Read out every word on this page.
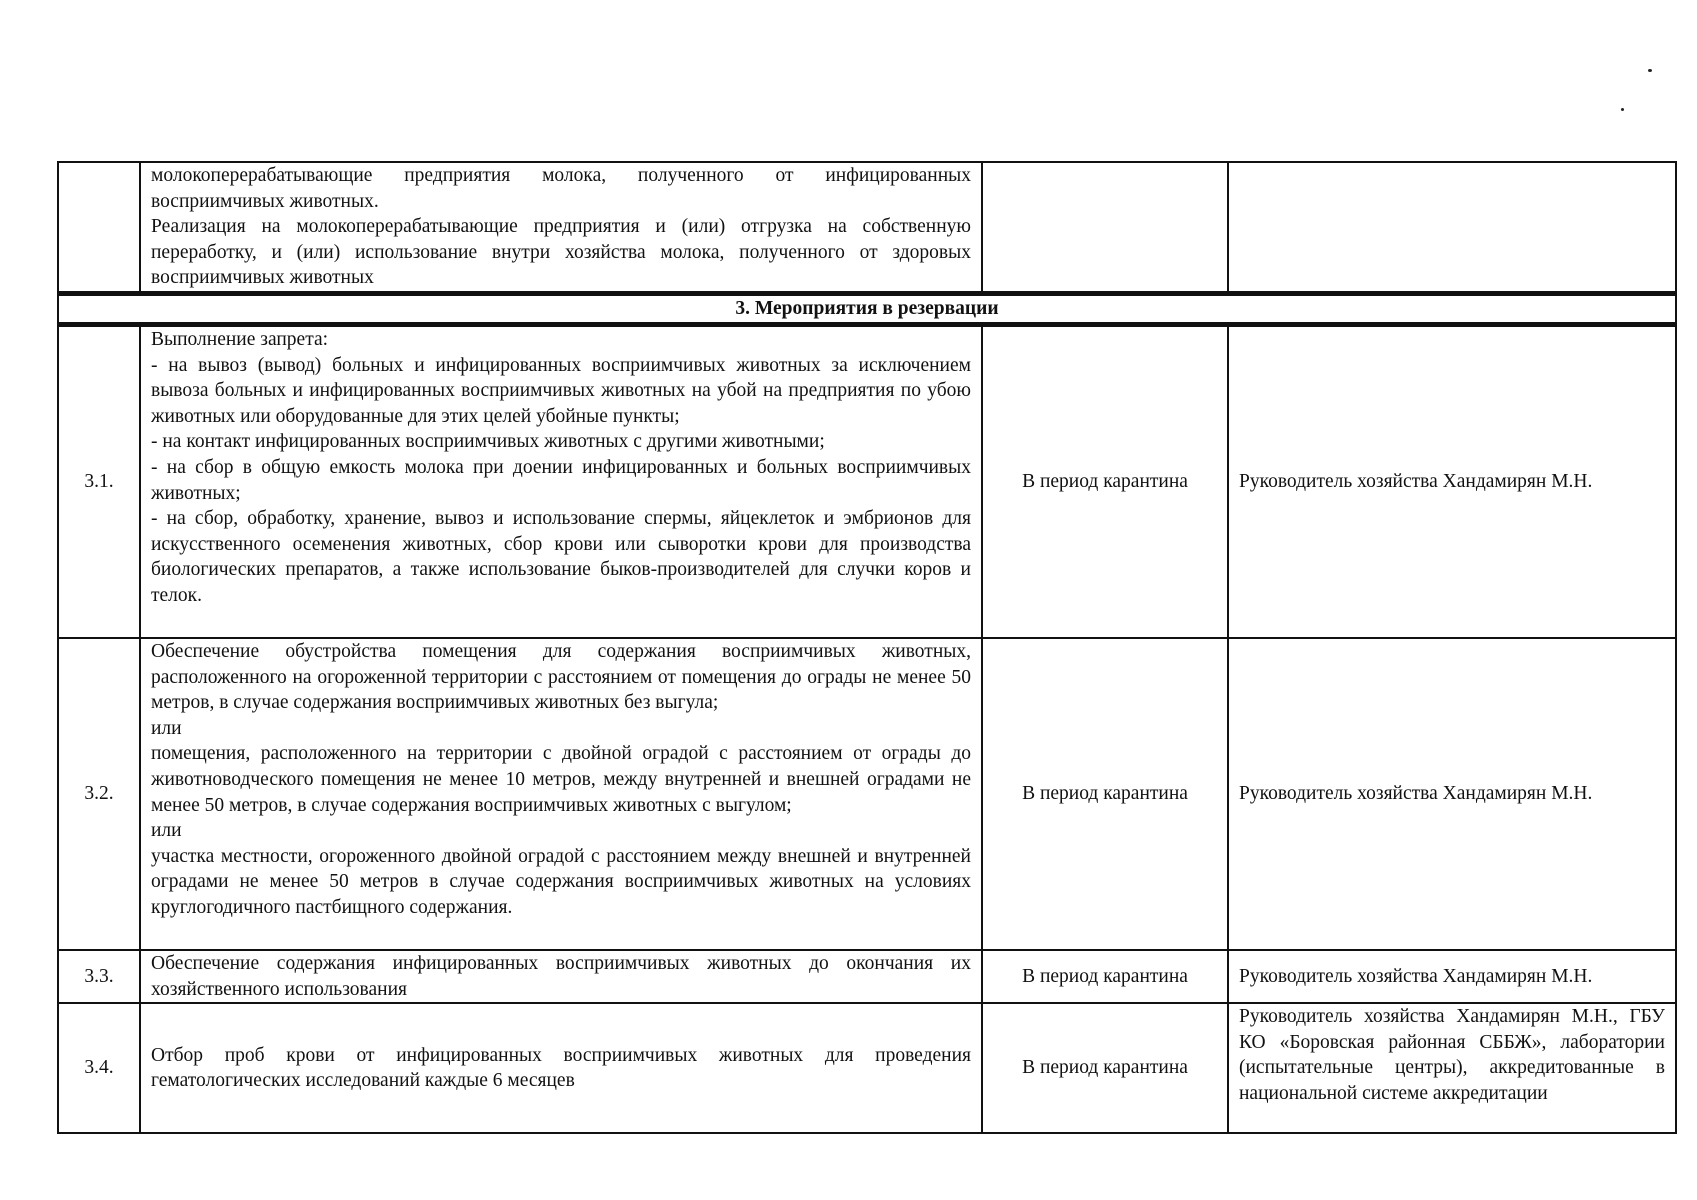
	молокоперерабатывающие предприятия молока, полученного от инфицированных восприимчивых животных.

Реализация на молокоперерабатывающие предприятия и (или) отгрузка на собственную переработку, и (или) использование внутри хозяйства молока, полученного от здоровых восприимчивых животных		

3. Мероприятия в резервации			
3.1.	Выполнение запрета:

- на вывоз (вывод) больных и инфицированных восприимчивых животных за исключением вывоза больных и инфицированных восприимчивых животных на убой на предприятия по убою животных или оборудованные для этих целей убойные пункты;

- на контакт инфицированных восприимчивых животных с другими животными;

- на сбор в общую емкость молока при доении инфицированных и больных восприимчивых животных;

- на сбор, обработку, хранение, вывоз и использование спермы, яйцеклеток и эмбрионов для искусственного осеменения животных, сбор крови или сыворотки крови для производства биологических препаратов, а также использование быков-производителей для случки коров и телок.	В период карантина	Руководитель хозяйства Хандамирян М.Н.
3.2.	Обеспечение обустройства помещения для содержания восприимчивых животных, расположенного на огороженной территории с расстоянием от помещения до ограды не менее 50 метров, в случае содержания восприимчивых животных без выгула;

или

помещения, расположенного на территории с двойной оградой с расстоянием от ограды до животноводческого помещения не менее 10 метров, между внутренней и внешней оградами не менее 50 метров, в случае содержания восприимчивых животных с выгулом;

или

участка местности, огороженного двойной оградой с расстоянием между внешней и внутренней оградами не менее 50 метров в случае содержания восприимчивых животных на условиях круглогодичного пастбищного содержания.	В период карантина	Руководитель хозяйства Хандамирян М.Н.
3.3.	Обеспечение содержания инфицированных восприимчивых животных до окончания их хозяйственного использования	В период карантина	Руководитель хозяйства Хандамирян М.Н.
3.4.	Отбор проб крови от инфицированных восприимчивых животных для проведения гематологических исследований каждые 6 месяцев	В период карантина	Руководитель хозяйства Хандамирян М.Н., ГБУ КО «Боровская районная СББЖ», лаборатории (испытательные центры), аккредитованные в национальной системе аккредитации
